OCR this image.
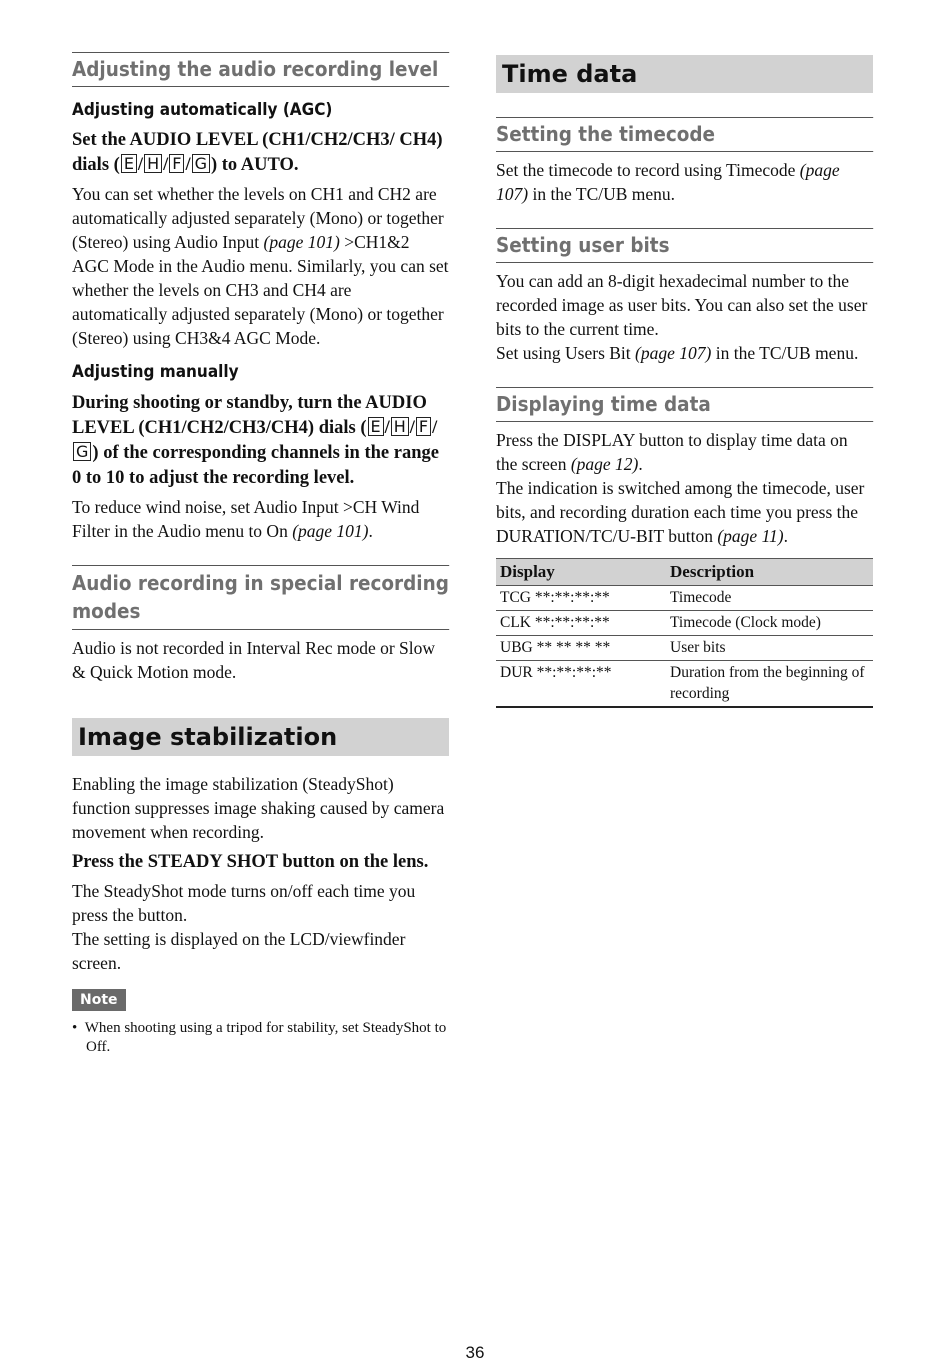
Adjusting the audio recording level
Adjusting automatically (AGC)

Set the AUDIO LEVEL (CH1/CH2/CH3/ CH4) dials ( E / H / F / G ) to AUTO.

You can set whether the levels on CH1 and CH2 are automatically adjusted separately (Mono) or together (Stereo) using Audio Input (page 101) >CH1&2 AGC Mode in the Audio menu. Similarly, you can set whether the levels on CH3 and CH4 are automatically adjusted separately (Mono) or together (Stereo) using CH3&4 AGC Mode.

Adjusting manually

During shooting or standby, turn the AUDIO LEVEL (CH1/CH2/CH3/CH4) dials ( E / H / F /G ) of the corresponding channels in the range 0 to 10 to adjust the recording level.

To reduce wind noise, set Audio Input >CH Wind Filter in the Audio menu to On (page 101).

Audio recording in special recording modes

Audio is not recorded in Interval Rec mode or Slow & Quick Motion mode.

Image stabilization

Enabling the image stabilization (SteadyShot) function suppresses image shaking caused by camera movement when recording.

Press the STEADY SHOT button on the lens.

The SteadyShot mode turns on/off each time you press the button.

The setting is displayed on the LCD/viewfinder screen.

Note

• When shooting using a tripod for stability, set SteadyShot to Off.

Time data
Setting the timecode

Set the timecode to record using Timecode (page 107) in the TC/UB menu.

Setting user bits

You can add an 8-digit hexadecimal number to the recorded image as user bits. You can also set the user bits to the current time.

Set using Users Bit (page 107) in the TC/UB menu.

Displaying time data

Press the DISPLAY button to display time data on the screen (page 12).

The indication is switched among the timecode, user bits, and recording duration each time you press the DURATION/TC/U-BIT button (page 11).

Display	Description
TCG **:**:**:**	Timecode
CLK **:**:**:**	Timecode (Clock mode)
UBG ** ** ** **	User bits
DUR **:**:**:**	Duration from the beginning of recording
36
